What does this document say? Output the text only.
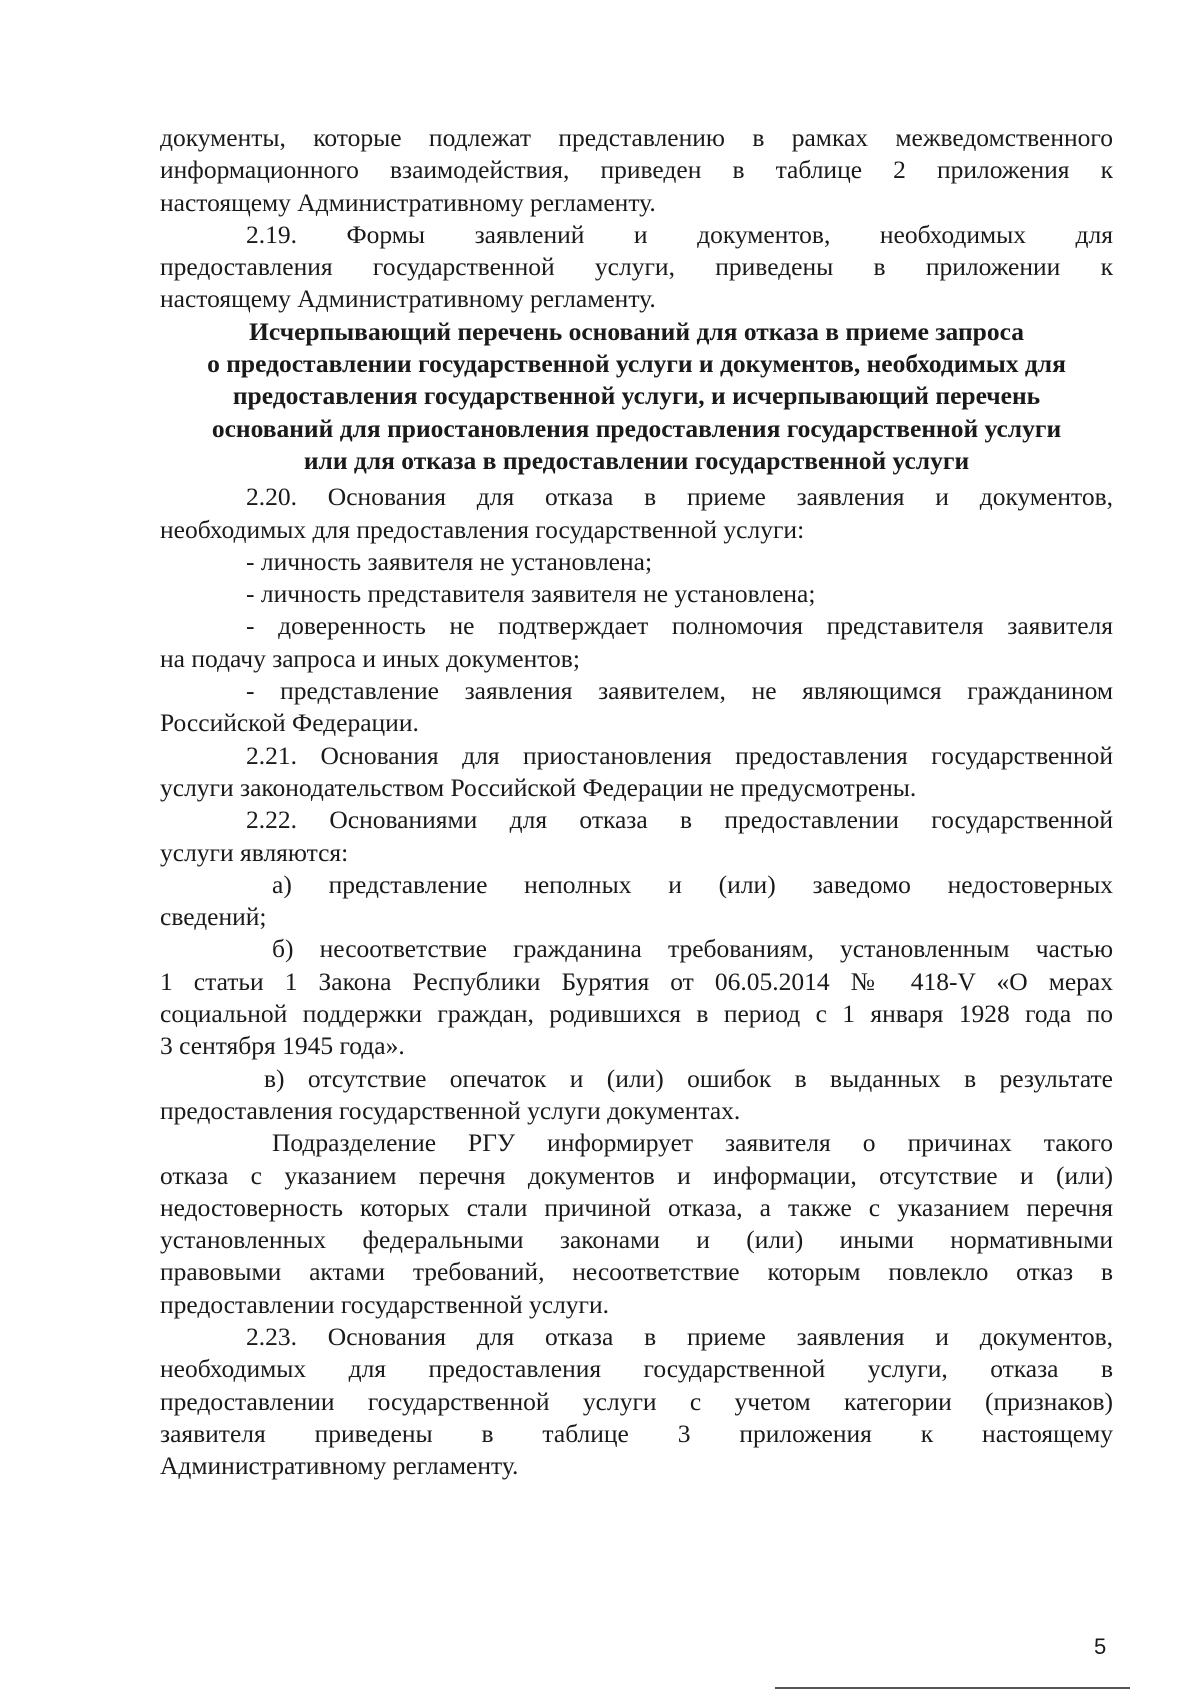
документы, которые подлежат представлению в рамках межведомственного
информационного взаимодействия, приведен в таблице 2 приложения к
настоящему Административному регламенту.

2.19. Формы заявлений и документов, необходимых для
предоставления государственной услуги, приведены в приложении к
настоящему Административному регламенту.

Исчерпывающий перечень оснований для отказа в приеме запроса
о предоставлении государственной услуги и документов, необходимых для
предоставления государственной услуги, и исчерпывающий перечень
оснований для приостановления предоставления государственной услуги
или для отказа в предоставлении государственной услуги

2.20. Основания для отказа в приеме заявления и документов,
необходимых для предоставления государственной услуги:

- личность заявителя не установлена;

- личность представителя заявителя не установлена;

- доверенность не подтверждает полномочия представителя заявителя
на подачу запроса и иных документов;

- представление заявления заявителем, не являющимся гражданином
Российской Федерации.

2.21. Основания для приостановления предоставления государственной
услуги законодательством Российской Федерации не предусмотрены.

2.22. Основаниями для отказа в предоставлении государственной
услуги являются:

а) представление неполных и (или) заведомо недостоверных
сведений;

б) несоответствие гражданина требованиям, установленным частью
1 статьи 1 Закона Республики Бурятия от 06.05.2014 № 418-V «О мерах
социальной поддержки граждан, родившихся в период с 1 января 1928 года по
3 сентября 1945 года».

в) отсутствие опечаток и (или) ошибок в выданных в результате
предоставления государственной услуги документах.

Подразделение РГУ информирует заявителя о причинах такого
отказа с указанием перечня документов и информации, отсутствие и (или)
недостоверность которых стали причиной отказа, а также с указанием перечня
установленных федеральными законами и (или) иными нормативными
правовыми актами требований, несоответствие которым повлекло отказ в
предоставлении государственной услуги.

2.23. Основания для отказа в приеме заявления и документов,
необходимых для предоставления государственной услуги, отказа в
предоставлении государственной услуги с учетом категории (признаков)
заявителя приведены в таблице 3 приложения к настоящему
Административному регламенту.

5
